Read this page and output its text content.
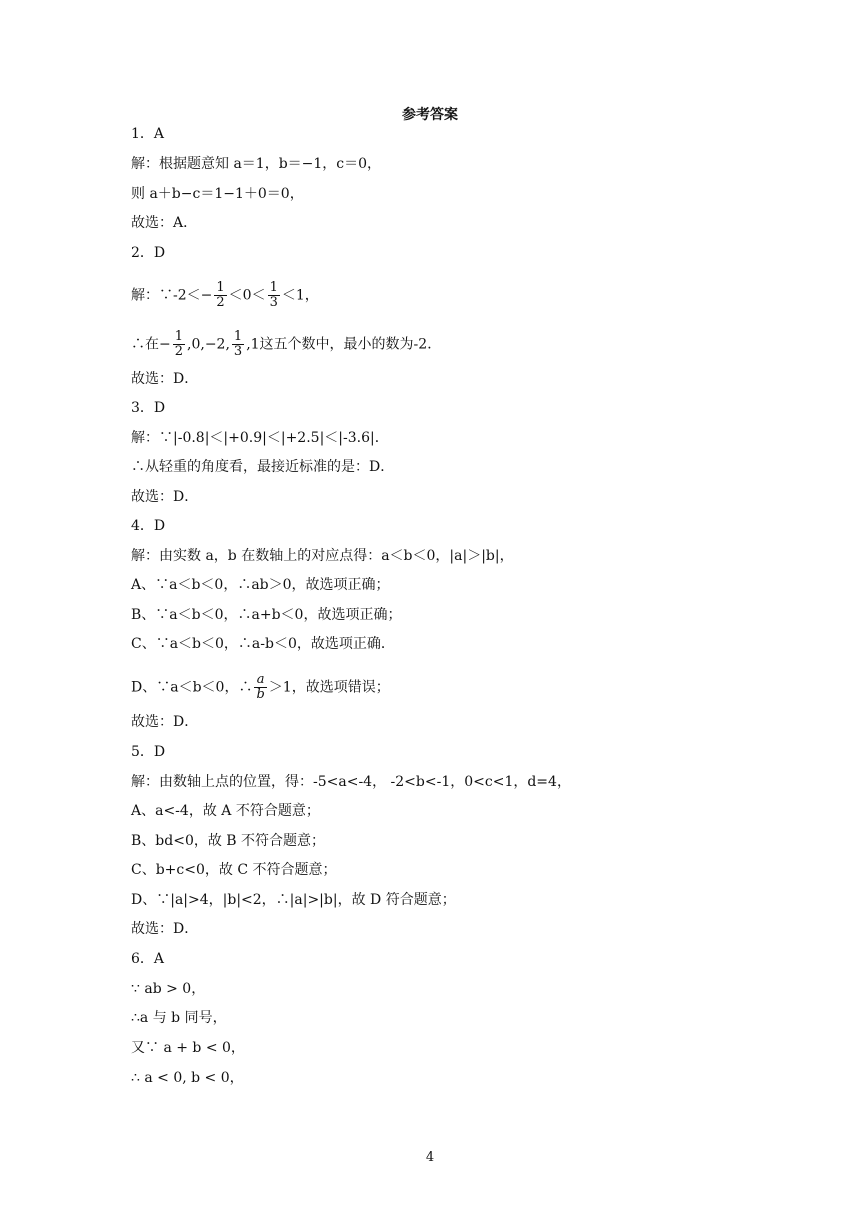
参考答案
1．A
解：根据题意知 a＝1，b＝−1，c＝0，
则 a＋b−c＝1−1＋0＝0，
故选：A．
2．D
解：∵-2＜− $\frac{1}{2} <0< \frac{1}{3} <1$，
∴在− $\frac{1}{2} ,0,-2$, $\frac{1}{3} ,1$这五个数中，最小的数为-2．
故选：D．
3．D
解：∵|-0.8|＜|+0.9|＜|+2.5|＜|-3.6|．
∴从轻重的角度看，最接近标准的是：D．
故选：D．
4．D
解：由实数 a，b 在数轴上的对应点得：a＜b＜0，|a|＞|b|，
A、∵a＜b＜0，∴ab＞0，故选项正确；
B、∵a＜b＜0，∴a+b＜0，故选项正确；
C、∵a＜b＜0，∴a-b＜0，故选项正确．
D、∵a＜b＜0，∴ $\frac{a}{b} >1$，故选项错误；
故选：D．
5．D
解：由数轴上点的位置，得：-5<a<-4， -2<b<-1，0<c<1，d=4，
A、a<-4，故 A 不符合题意；
B、bd<0，故 B 不符合题意；
C、b+c<0，故 C 不符合题意；
D、∵|a|>4，|b|<2，∴|a|>|b|，故 D 符合题意；
故选：D．
6．A
∵ ab > 0，
∴a 与 b 同号，
又∵ a + b < 0，
∴ a < 0, b < 0，
4
